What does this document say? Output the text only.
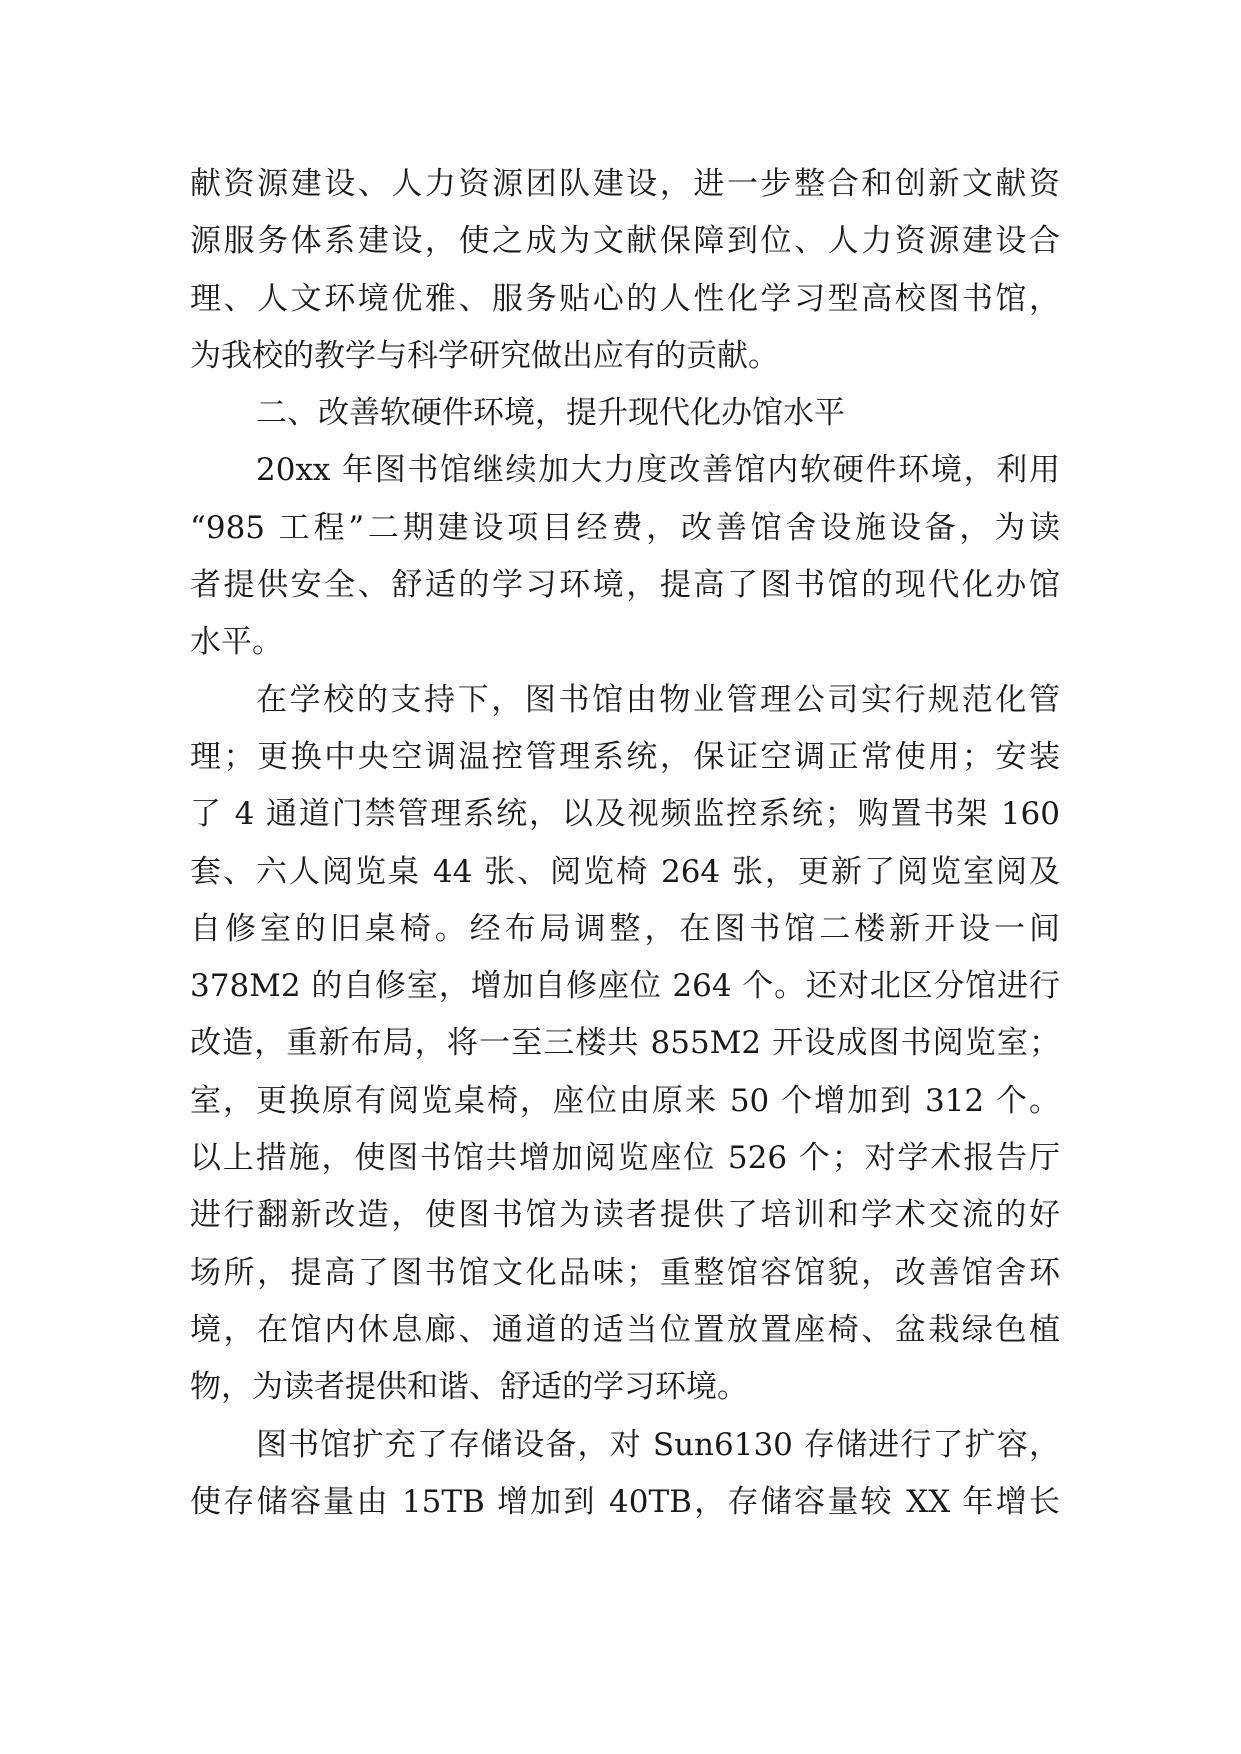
献资源建设、人力资源团队建设，进一步整合和创新文献资
源服务体系建设，使之成为文献保障到位、人力资源建设合
理、人文环境优雅、服务贴心的人性化学习型高校图书馆，
为我校的教学与科学研究做出应有的贡献。
二、改善软硬件环境，提升现代化办馆水平
20xx 年图书馆继续加大力度改善馆内软硬件环境，利用
“985 工程”二期建设项目经费，改善馆舍设施设备，为读
者提供安全、舒适的学习环境，提高了图书馆的现代化办馆
水平。
在学校的支持下，图书馆由物业管理公司实行规范化管
理；更换中央空调温控管理系统，保证空调正常使用；安装
了 4 通道门禁管理系统，以及视频监控系统；购置书架 160
套、六人阅览桌 44 张、阅览椅 264 张，更新了阅览室阅及
自修室的旧桌椅。经布局调整，在图书馆二楼新开设一间
378M2 的自修室，增加自修座位 264 个。还对北区分馆进行
改造，重新布局，将一至三楼共 855M2 开设成图书阅览室；
室，更换原有阅览桌椅，座位由原来 50 个增加到 312 个。
以上措施，使图书馆共增加阅览座位 526 个；对学术报告厅
进行翻新改造，使图书馆为读者提供了培训和学术交流的好
场所，提高了图书馆文化品味；重整馆容馆貌，改善馆舍环
境，在馆内休息廊、通道的适当位置放置座椅、盆栽绿色植
物，为读者提供和谐、舒适的学习环境。
图书馆扩充了存储设备，对 Sun6130 存储进行了扩容，
使存储容量由 15TB 增加到 40TB，存储容量较 XX 年增长
